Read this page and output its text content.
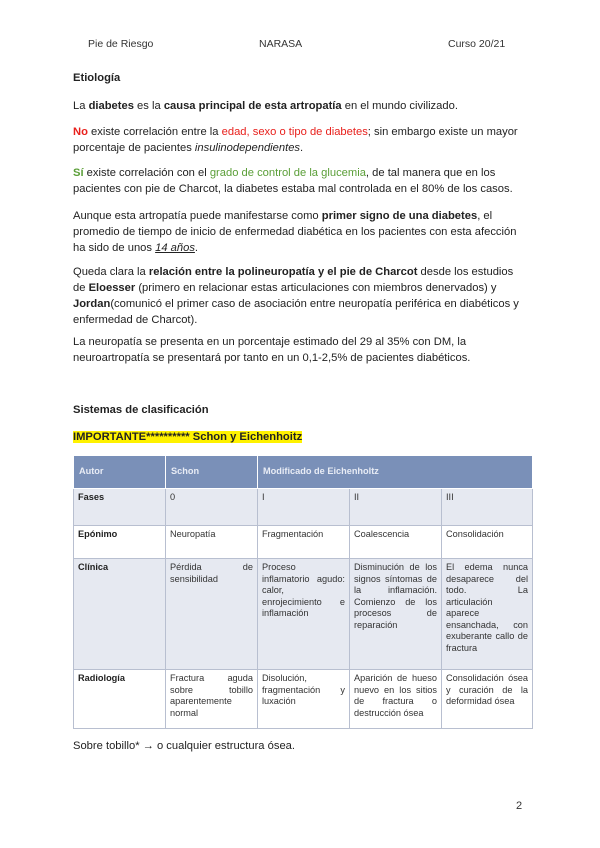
Pie de Riesgo	NARASA	Curso 20/21
Etiología
La diabetes es la causa principal de esta artropatía en el mundo civilizado.
No existe correlación entre la edad, sexo o tipo de diabetes; sin embargo existe un mayor porcentaje de pacientes insulinodependientes.
Sí existe correlación con el grado de control de la glucemia, de tal manera que en los pacientes con pie de Charcot, la diabetes estaba mal controlada en el 80% de los casos.
Aunque esta artropatía puede manifestarse como primer signo de una diabetes, el promedio de tiempo de inicio de enfermedad diabética en los pacientes con esta afección ha sido de unos 14 años.
Queda clara la relación entre la polineuropatía y el pie de Charcot desde los estudios de Eloesser (primero en relacionar estas articulaciones con miembros denervados) y Jordan(comunicó el primer caso de asociación entre neuropatía periférica en diabéticos y enfermedad de Charcot).
La neuropatía se presenta en un porcentaje estimado del 29 al 35% con DM, la neuroartropatía se presentará por tanto en un 0,1-2,5% de pacientes diabéticos.
Sistemas de clasificación
IMPORTANTE********** Schon y Eichenhoitz
Autor	Schon	Modificado de Eichenholtz		
Fases	0	I	II	III
Epónimo	Neuropatía	Fragmentación	Coalescencia	Consolidación
Clínica	Pérdida de sensibilidad	Proceso inflamatorio agudo: calor, enrojecimiento e inflamación	Disminución de los signos síntomas de la inflamación. Comienzo de los procesos de reparación	El edema nunca desaparece del todo. La articulación aparece ensanchada, con exuberante callo de fractura
Radiología	Fractura aguda sobre tobillo aparentemente normal	Disolución, fragmentación y luxación	Aparición de hueso nuevo en los sitios de fractura o destrucción ósea	Consolidación ósea y curación de la deformidad ósea
Sobre tobillo* → o cualquier estructura ósea.
2
